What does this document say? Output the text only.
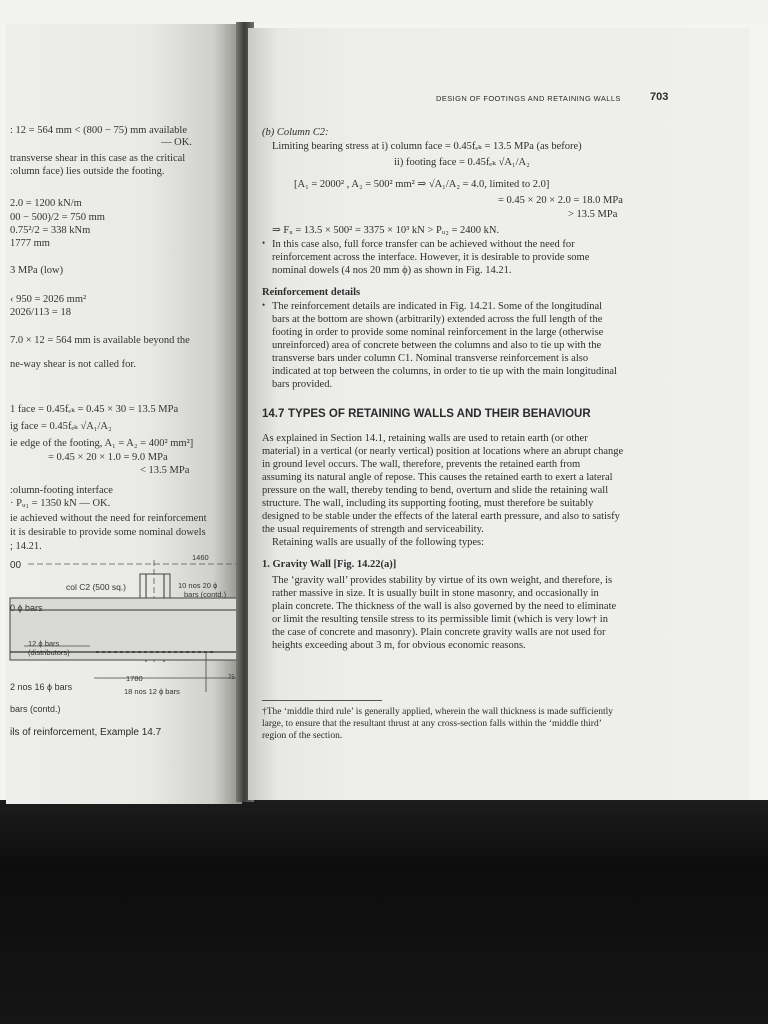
: 12 = 564 mm < (800 − 75) mm available
— OK.
transverse shear in this case as the critical
:olumn face) lies outside the footing.
2.0 = 1200 kN/m
00 − 500)/2 = 750 mm
0.75²/2 = 338 kNm
1777 mm
3 MPa (low)
‹ 950 = 2026 mm²
2026/113 = 18
7.0 × 12 = 564 mm is available beyond the
ne-way shear is not called for.
1 face = 0.45fₑₖ = 0.45 × 30 = 13.5 MPa
ig face = 0.45fₑₖ √A₁/A₂
ie edge of the footing, A₁ = A₂ = 400² mm²]
= 0.45 × 20 × 1.0 = 9.0 MPa
< 13.5 MPa
:olumn-footing interface
· Pᵤ₁ = 1350 kN — OK.
ie achieved without the need for reinforcement
it is desirable to provide some nominal dowels
; 14.21.
00
1460
col C2 (500 sq.)	10 nos 20 ϕ
bars (contd.)
0 ϕ bars
12 ϕ bars
(distributors)
2 nos 16 ϕ bars
1780
18 nos 12 ϕ bars
75
bars (contd.)
ils of reinforcement, Example 14.7
DESIGN OF FOOTINGS AND RETAINING WALLS	703
(b) Column C2:
Limiting bearing stress at i) column face = 0.45fₑₖ = 13.5 MPa (as before)
ii) footing face = 0.45fₑₖ √A₁/A₂
[A₁ = 2000² , A₂ = 500² mm² ⇒ √A₁/A₂ = 4.0, limited to 2.0]
= 0.45 × 20 × 2.0 = 18.0 MPa
> 13.5 MPa
⇒ Fᵤ = 13.5 × 500² = 3375 × 10³ kN > Pᵤ₂ = 2400 kN.
• In this case also, full force transfer can be achieved without the need for
reinforcement across the interface. However, it is desirable to provide some
nominal dowels (4 nos 20 mm ϕ) as shown in Fig. 14.21.
Reinforcement details
• The reinforcement details are indicated in Fig. 14.21. Some of the longitudinal
bars at the bottom are shown (arbitrarily) extended across the full length of the
footing in order to provide some nominal reinforcement in the large (otherwise
unreinforced) area of concrete between the columns and also to tie up with the
transverse bars under column C1. Nominal transverse reinforcement is also
indicated at top between the columns, in order to tie up with the main longitudinal
bars provided.
14.7 TYPES OF RETAINING WALLS AND THEIR BEHAVIOUR
As explained in Section 14.1, retaining walls are used to retain earth (or other
material) in a vertical (or nearly vertical) position at locations where an abrupt change
in ground level occurs. The wall, therefore, prevents the retained earth from
assuming its natural angle of repose. This causes the retained earth to exert a lateral
pressure on the wall, thereby tending to bend, overturn and slide the retaining wall
structure. The wall, including its supporting footing, must therefore be suitably
designed to be stable under the effects of the lateral earth pressure, and also to satisfy
the usual requirements of strength and serviceability.
Retaining walls are usually of the following types:
1. Gravity Wall [Fig. 14.22(a)]
The ‘gravity wall’ provides stability by virtue of its own weight, and therefore, is
rather massive in size. It is usually built in stone masonry, and occasionally in
plain concrete. The thickness of the wall is also governed by the need to eliminate
or limit the resulting tensile stress to its permissible limit (which is very low† in
the case of concrete and masonry). Plain concrete gravity walls are not used for
heights exceeding about 3 m, for obvious economic reasons.
†The ‘middle third rule’ is generally applied, wherein the wall thickness is made sufficiently
large, to ensure that the resultant thrust at any cross-section falls within the ‘middle third’
region of the section.
